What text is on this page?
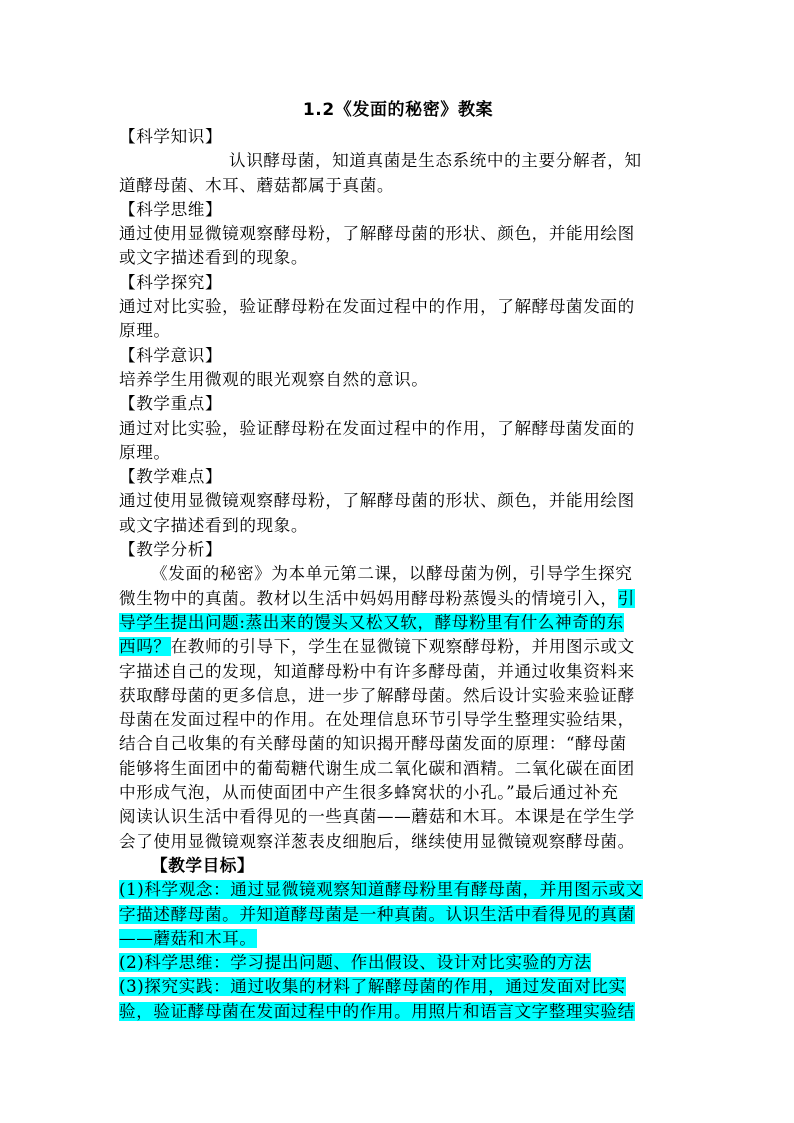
1.2《发面的秘密》教案
【科学知识】
认识酵母菌，知道真菌是生态系统中的主要分解者，知
道酵母菌、木耳、蘑菇都属于真菌。
【科学思维】
通过使用显微镜观察酵母粉，了解酵母菌的形状、颜色，并能用绘图
或文字描述看到的现象。
【科学探究】
通过对比实验，验证酵母粉在发面过程中的作用，了解酵母菌发面的
原理。
【科学意识】
培养学生用微观的眼光观察自然的意识。
【教学重点】
通过对比实验，验证酵母粉在发面过程中的作用，了解酵母菌发面的
原理。
【教学难点】
通过使用显微镜观察酵母粉，了解酵母菌的形状、颜色，并能用绘图
或文字描述看到的现象。
【教学分析】
《发面的秘密》为本单元第二课，以酵母菌为例，引导学生探究
微生物中的真菌。教材以生活中妈妈用酵母粉蒸馒头的情境引入，引
导学生提出问题:蒸出来的馒头又松又软，酵母粉里有什么神奇的东
西吗？在教师的引导下，学生在显微镜下观察酵母粉，并用图示或文
字描述自己的发现，知道酵母粉中有许多酵母菌，并通过收集资料来
获取酵母菌的更多信息，进一步了解酵母菌。然后设计实验来验证酵
母菌在发面过程中的作用。在处理信息环节引导学生整理实验结果，
结合自己收集的有关酵母菌的知识揭开酵母菌发面的原理：“酵母菌
能够将生面团中的葡萄糖代谢生成二氧化碳和酒精。二氧化碳在面团
中形成气泡，从而使面团中产生很多蜂窝状的小孔。”最后通过补充
阅读认识生活中看得见的一些真菌——蘑菇和木耳。本课是在学生学
会了使用显微镜观察洋葱表皮细胞后，继续使用显微镜观察酵母菌。
【教学目标】
(1)科学观念：通过显微镜观察知道酵母粉里有酵母菌，并用图示或文
字描述酵母菌。并知道酵母菌是一种真菌。认识生活中看得见的真菌
——蘑菇和木耳。
(2)科学思维：学习提出问题、作出假设、设计对比实验的方法
(3)探究实践：通过收集的材料了解酵母菌的作用，通过发面对比实
验，验证酵母菌在发面过程中的作用。用照片和语言文字整理实验结
